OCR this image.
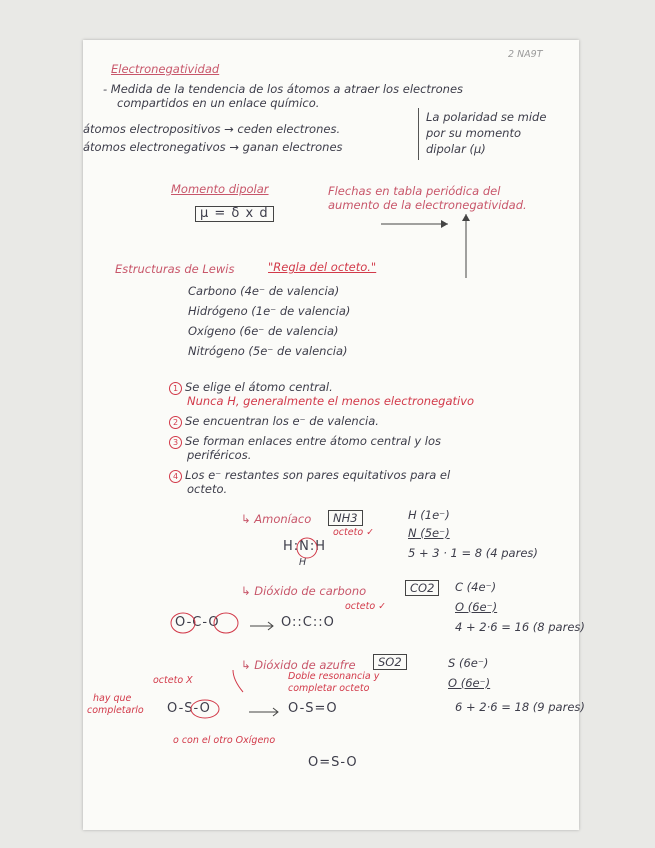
Electronegatividad
2 NA9T
- Medida de la tendencia de los átomos a atraer los electrones
compartidos en un enlace químico.
átomos electropositivos → ceden electrones.
átomos electronegativos → ganan electrones
La polaridad se mide
por su momento
dipolar (μ)
Momento dipolar
μ = δ x d
Flechas en tabla periódica del
aumento de la electronegatividad.
Estructuras de Lewis	"Regla del octeto."
Carbono (4e⁻ de valencia)
Hidrógeno (1e⁻ de valencia)
Oxígeno (6e⁻ de valencia)
Nitrógeno (5e⁻ de valencia)
1 Se elige el átomo central.
Nunca H, generalmente el menos electronegativo
2 Se encuentran los e⁻ de valencia.
3 Se forman enlaces entre átomo central y los
periféricos.
4 Los e⁻ restantes son pares equitativos para el
octeto.
↳ Amoníaco	NH3
octeto ✓
H:N:H
H
H (1e⁻)
N (5e⁻)
5 + 3 · 1 = 8 (4 pares)
↳ Dióxido de carbono	CO2
octeto ✓
O-C-O	O::C::O
C (4e⁻)
O (6e⁻)
4 + 2·6 = 16 (8 pares)
↳ Dióxido de azufre	SO2
octeto X
hay que
completarlo
Doble resonancia y
completar octeto
O-S-O	O-S=O
S (6e⁻)
O (6e⁻)
6 + 2·6 = 18 (9 pares)
o con el otro Oxígeno
O=S-O
